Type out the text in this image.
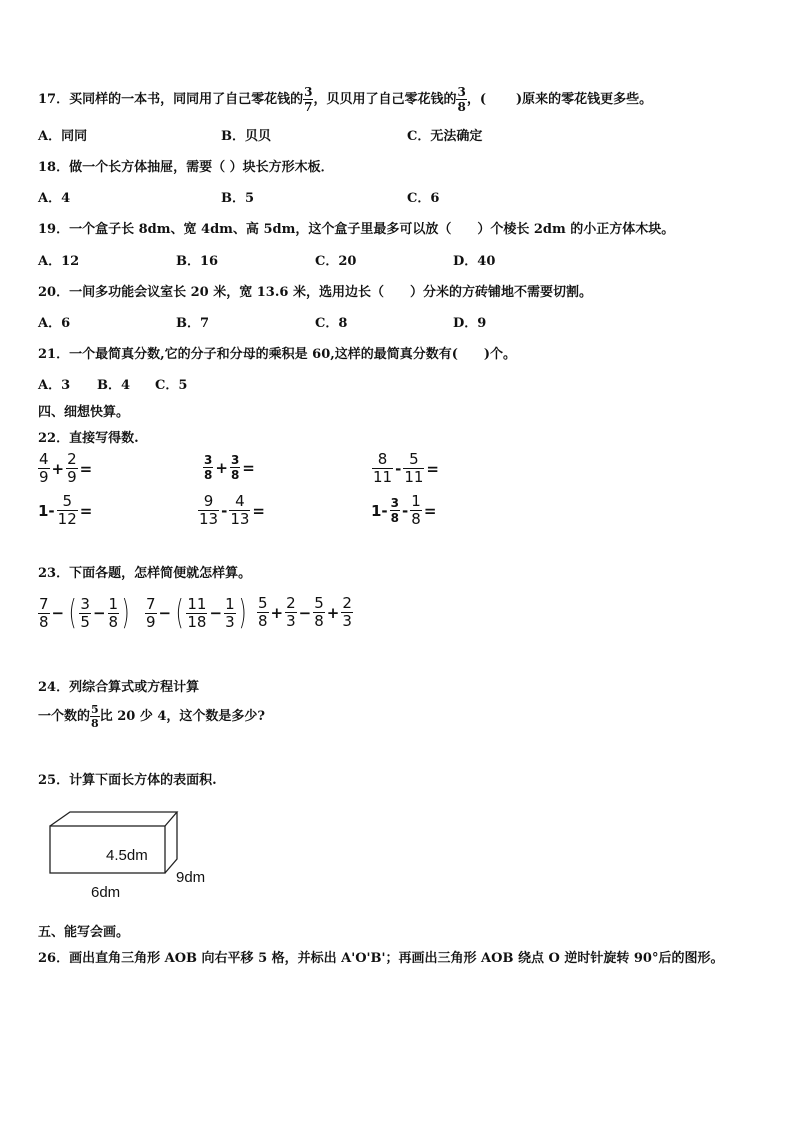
17．买同样的一本书，同同用了自己零花钱的 $\frac{3}{7}$ ，贝贝用了自己零花钱的 $\frac{3}{8}$ ，( )原来的零花钱更多些。
A．同同	B．贝贝	C．无法确定
18．做一个长方体抽屉，需要（ ）块长方形木板．
A．4	B．5	C．6
19．一个盒子长 8dm、宽 4dm、高 5dm，这个盒子里最多可以放（　　）个棱长 2dm 的小正方体木块。
A．12	B．16	C．20	D．40
20．一间多功能会议室长 20 米，宽 13.6 米，选用边长（　　）分米的方砖铺地不需要切割。
A．6	B．7	C．8	D．9
21．一个最简真分数,它的分子和分母的乘积是 60,这样的最简真分数有(　　)个。
A．3 B．4 C．5
四、细想快算。
22．直接写得数.
$\frac{4}{9} + \frac{2}{9}$ =	$\frac{3}{8} + \frac{3}{8}$ =	$\frac{8}{11} - \frac{5}{11}$ =
$1- \frac{5}{12}$ =	$\frac{9}{13} - \frac{4}{13}$ =	$1- \frac{3}{8} - \frac{1}{8}$ =
23．下面各题，怎样简便就怎样算。
$\frac{7}{8}$ − ( $\frac{3}{5} - \frac{1}{8}$ ) $\frac{7}{9}$ − ( $\frac{11}{18} - \frac{1}{3}$ ) $\frac{5}{8} + \frac{2}{3} - \frac{5}{8} + \frac{2}{3}$
24．列综合算式或方程计算
一个数的 $\frac{5}{8}$ 比 20 少 4，这个数是多少?
25．计算下面长方体的表面积.
4.5dm
6dm
9dm
五、能写会画。
26．画出直角三角形 AOB 向右平移 5 格，并标出 A'O'B'；再画出三角形 AOB 绕点 O 逆时针旋转 90°后的图形。
